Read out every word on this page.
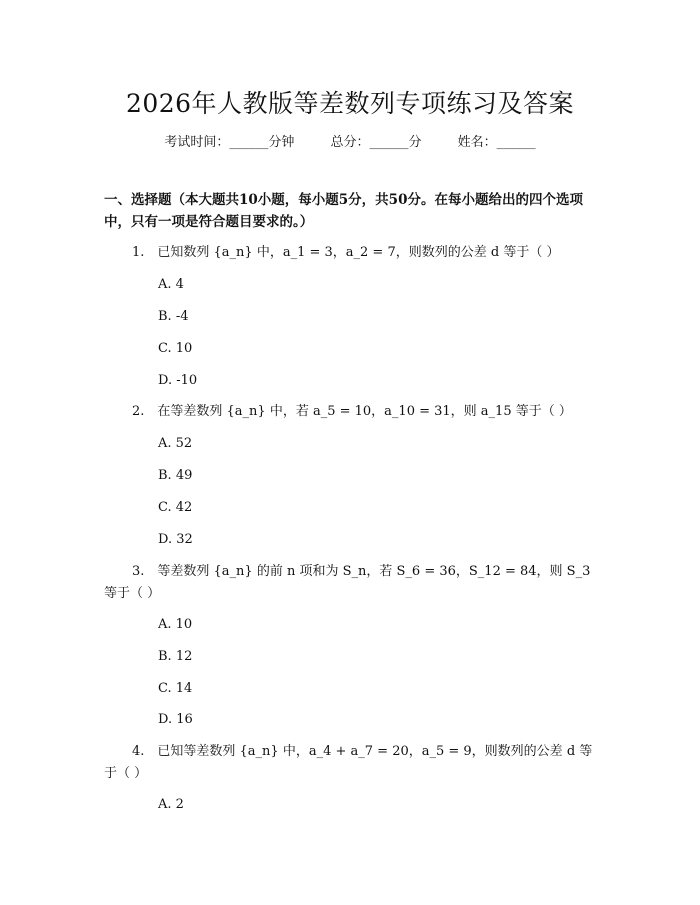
2026年人教版等差数列专项练习及答案
考试时间：______分钟	总分：______分	姓名：______
一、选择题（本大题共10小题，每小题5分，共50分。在每小题给出的四个选项中，只有一项是符合题目要求的。）
1.　已知数列 {a_n} 中，a_1 = 3，a_2 = 7，则数列的公差 d 等于（ ）
A. 4
B. -4
C. 10
D. -10
2.　在等差数列 {a_n} 中，若 a_5 = 10，a_10 = 31，则 a_15 等于（ ）
A. 52
B. 49
C. 42
D. 32
3.　等差数列 {a_n} 的前 n 项和为 S_n，若 S_6 = 36，S_12 = 84，则 S_3 等于（ ）
A. 10
B. 12
C. 14
D. 16
4.　已知等差数列 {a_n} 中，a_4 + a_7 = 20，a_5 = 9，则数列的公差 d 等于（ ）
A. 2
